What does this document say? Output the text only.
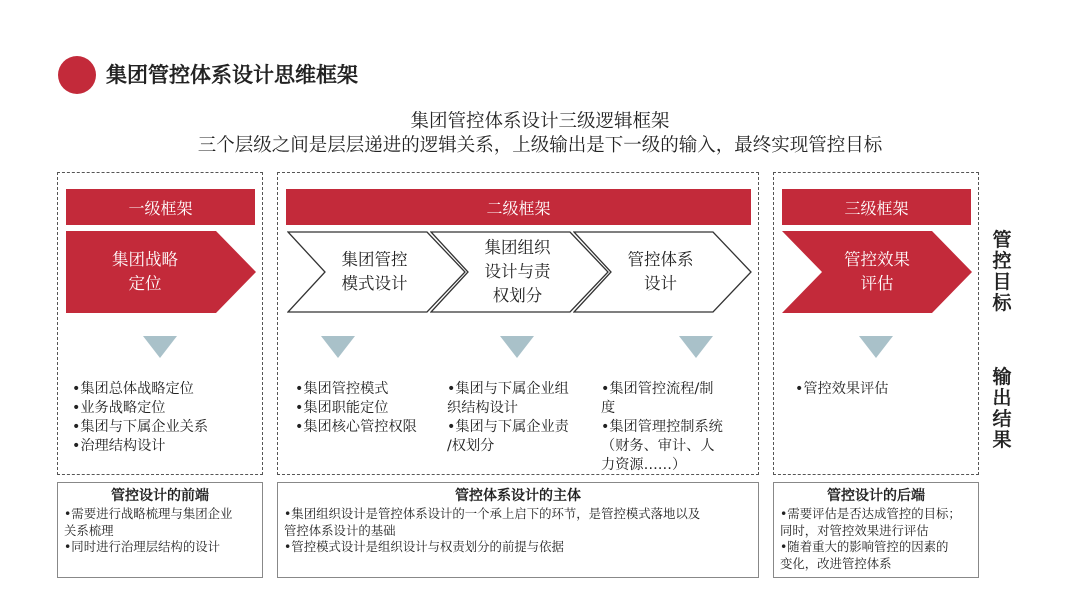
集团管控体系设计思维框架
集团管控体系设计三级逻辑框架
三个层级之间是层层递进的逻辑关系，上级输出是下一级的输入，最终实现管控目标
一级框架	二级框架	三级框架
集团战略
定位
集团管控
模式设计
集团组织
设计与责
权划分
管控体系
设计
管控效果
评估
•集团总体战略定位
•业务战略定位
•集团与下属企业关系
•治理结构设计
•集团管控模式
•集团职能定位
•集团核心管控权限
•集团与下属企业组
织结构设计
•集团与下属企业责
/权划分
•集团管控流程/制
度
•集团管理控制系统
（财务、审计、人
力资源……）
•管控效果评估
管控目标
输出结果
管控设计的前端
•需要进行战略梳理与集团企业
关系梳理
•同时进行治理层结构的设计
管控体系设计的主体
•集团组织设计是管控体系设计的一个承上启下的环节，是管控模式落地以及
管控体系设计的基础
•管控模式设计是组织设计与权责划分的前提与依据
管控设计的后端
•需要评估是否达成管控的目标；
同时，对管控效果进行评估
•随着重大的影响管控的因素的
变化，改进管控体系
